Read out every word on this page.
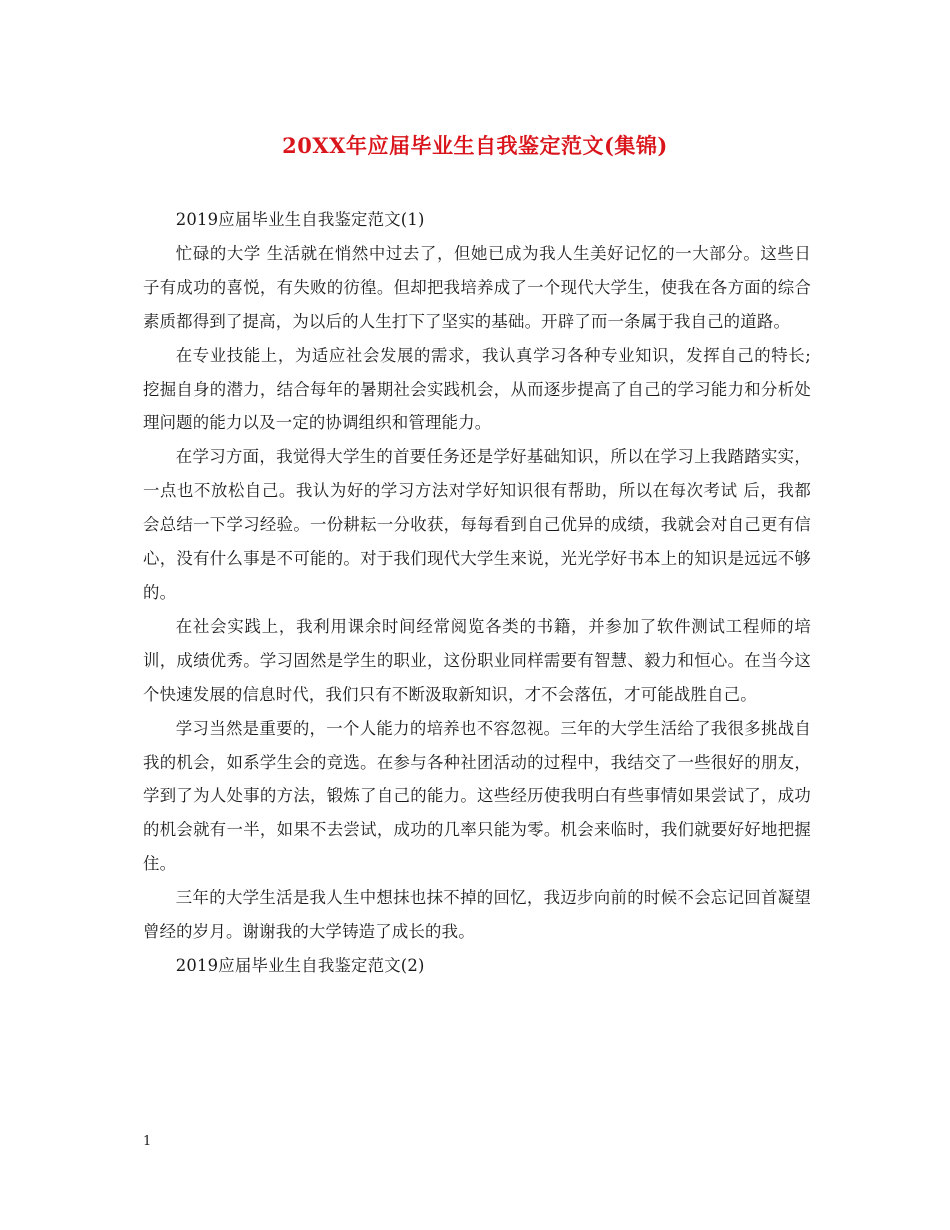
20XX年应届毕业生自我鉴定范文(集锦)

2019应届毕业生自我鉴定范文(1)

忙碌的大学 生活就在悄然中过去了，但她已成为我人生美好记忆的一大部分。这些日子有成功的喜悦，有失败的彷徨。但却把我培养成了一个现代大学生，使我在各方面的综合素质都得到了提高，为以后的人生打下了坚实的基础。开辟了而一条属于我自己的道路。

在专业技能上，为适应社会发展的需求，我认真学习各种专业知识，发挥自己的特长;挖掘自身的潜力，结合每年的暑期社会实践机会，从而逐步提高了自己的学习能力和分析处理问题的能力以及一定的协调组织和管理能力。

在学习方面，我觉得大学生的首要任务还是学好基础知识，所以在学习上我踏踏实实，一点也不放松自己。我认为好的学习方法对学好知识很有帮助，所以在每次考试 后，我都会总结一下学习经验。一份耕耘一分收获，每每看到自己优异的成绩，我就会对自己更有信心，没有什么事是不可能的。对于我们现代大学生来说，光光学好书本上的知识是远远不够的。

在社会实践上，我利用课余时间经常阅览各类的书籍，并参加了软件测试工程师的培训，成绩优秀。学习固然是学生的职业，这份职业同样需要有智慧、毅力和恒心。在当今这个快速发展的信息时代，我们只有不断汲取新知识，才不会落伍，才可能战胜自己。

学习当然是重要的，一个人能力的培养也不容忽视。三年的大学生活给了我很多挑战自我的机会，如系学生会的竞选。在参与各种社团活动的过程中，我结交了一些很好的朋友，学到了为人处事的方法，锻炼了自己的能力。这些经历使我明白有些事情如果尝试了，成功的机会就有一半，如果不去尝试，成功的几率只能为零。机会来临时，我们就要好好地把握住。

三年的大学生活是我人生中想抹也抹不掉的回忆，我迈步向前的时候不会忘记回首凝望曾经的岁月。谢谢我的大学铸造了成长的我。

2019应届毕业生自我鉴定范文(2)

1
